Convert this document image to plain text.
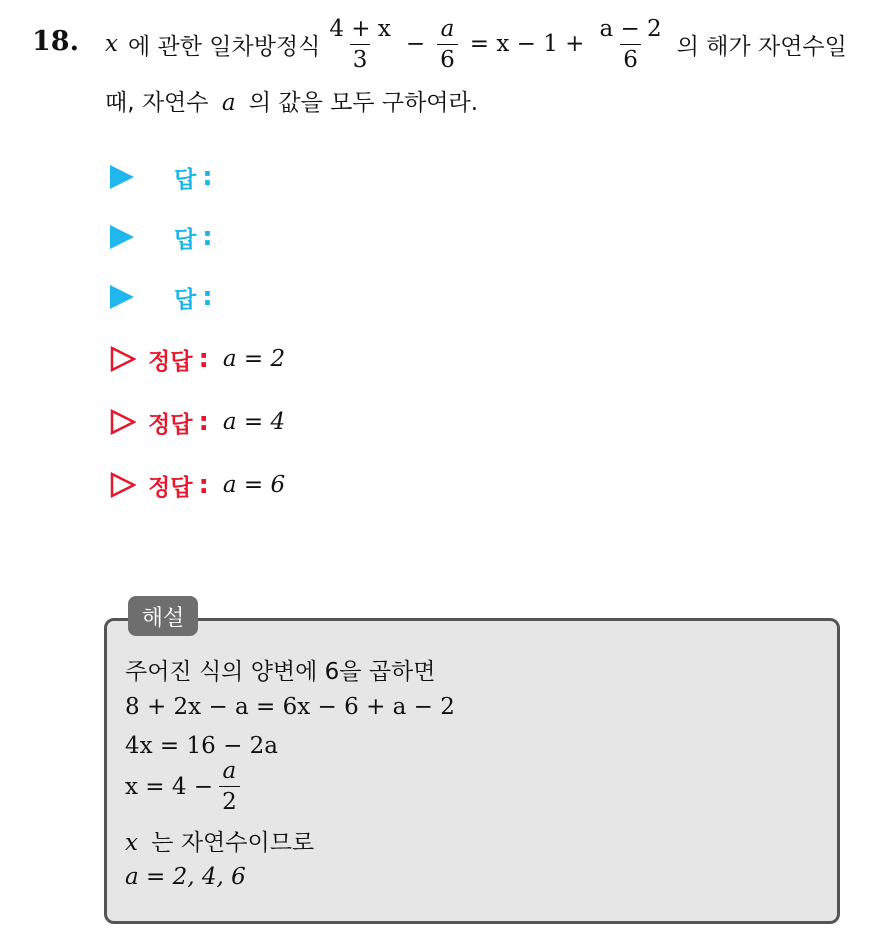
18. x 에 관한 일차방정식 $\frac{4 + x}{3} - \frac{a}{6} = x - 1 + \frac{a - 2}{6}$ 의 해가 자연수일
때, 자연수 a 의 값을 모두 구하여라.
답 :
답 :
답 :
정답 : a = 2
정답 : a = 4
정답 : a = 6
해설
주어진 식의 양변에 6을 곱하면
8 + 2x − a = 6x − 6 + a − 2
4x = 16 − 2a
$x = 4 - \frac{a}{2}$
x 는 자연수이므로
a = 2, 4, 6
